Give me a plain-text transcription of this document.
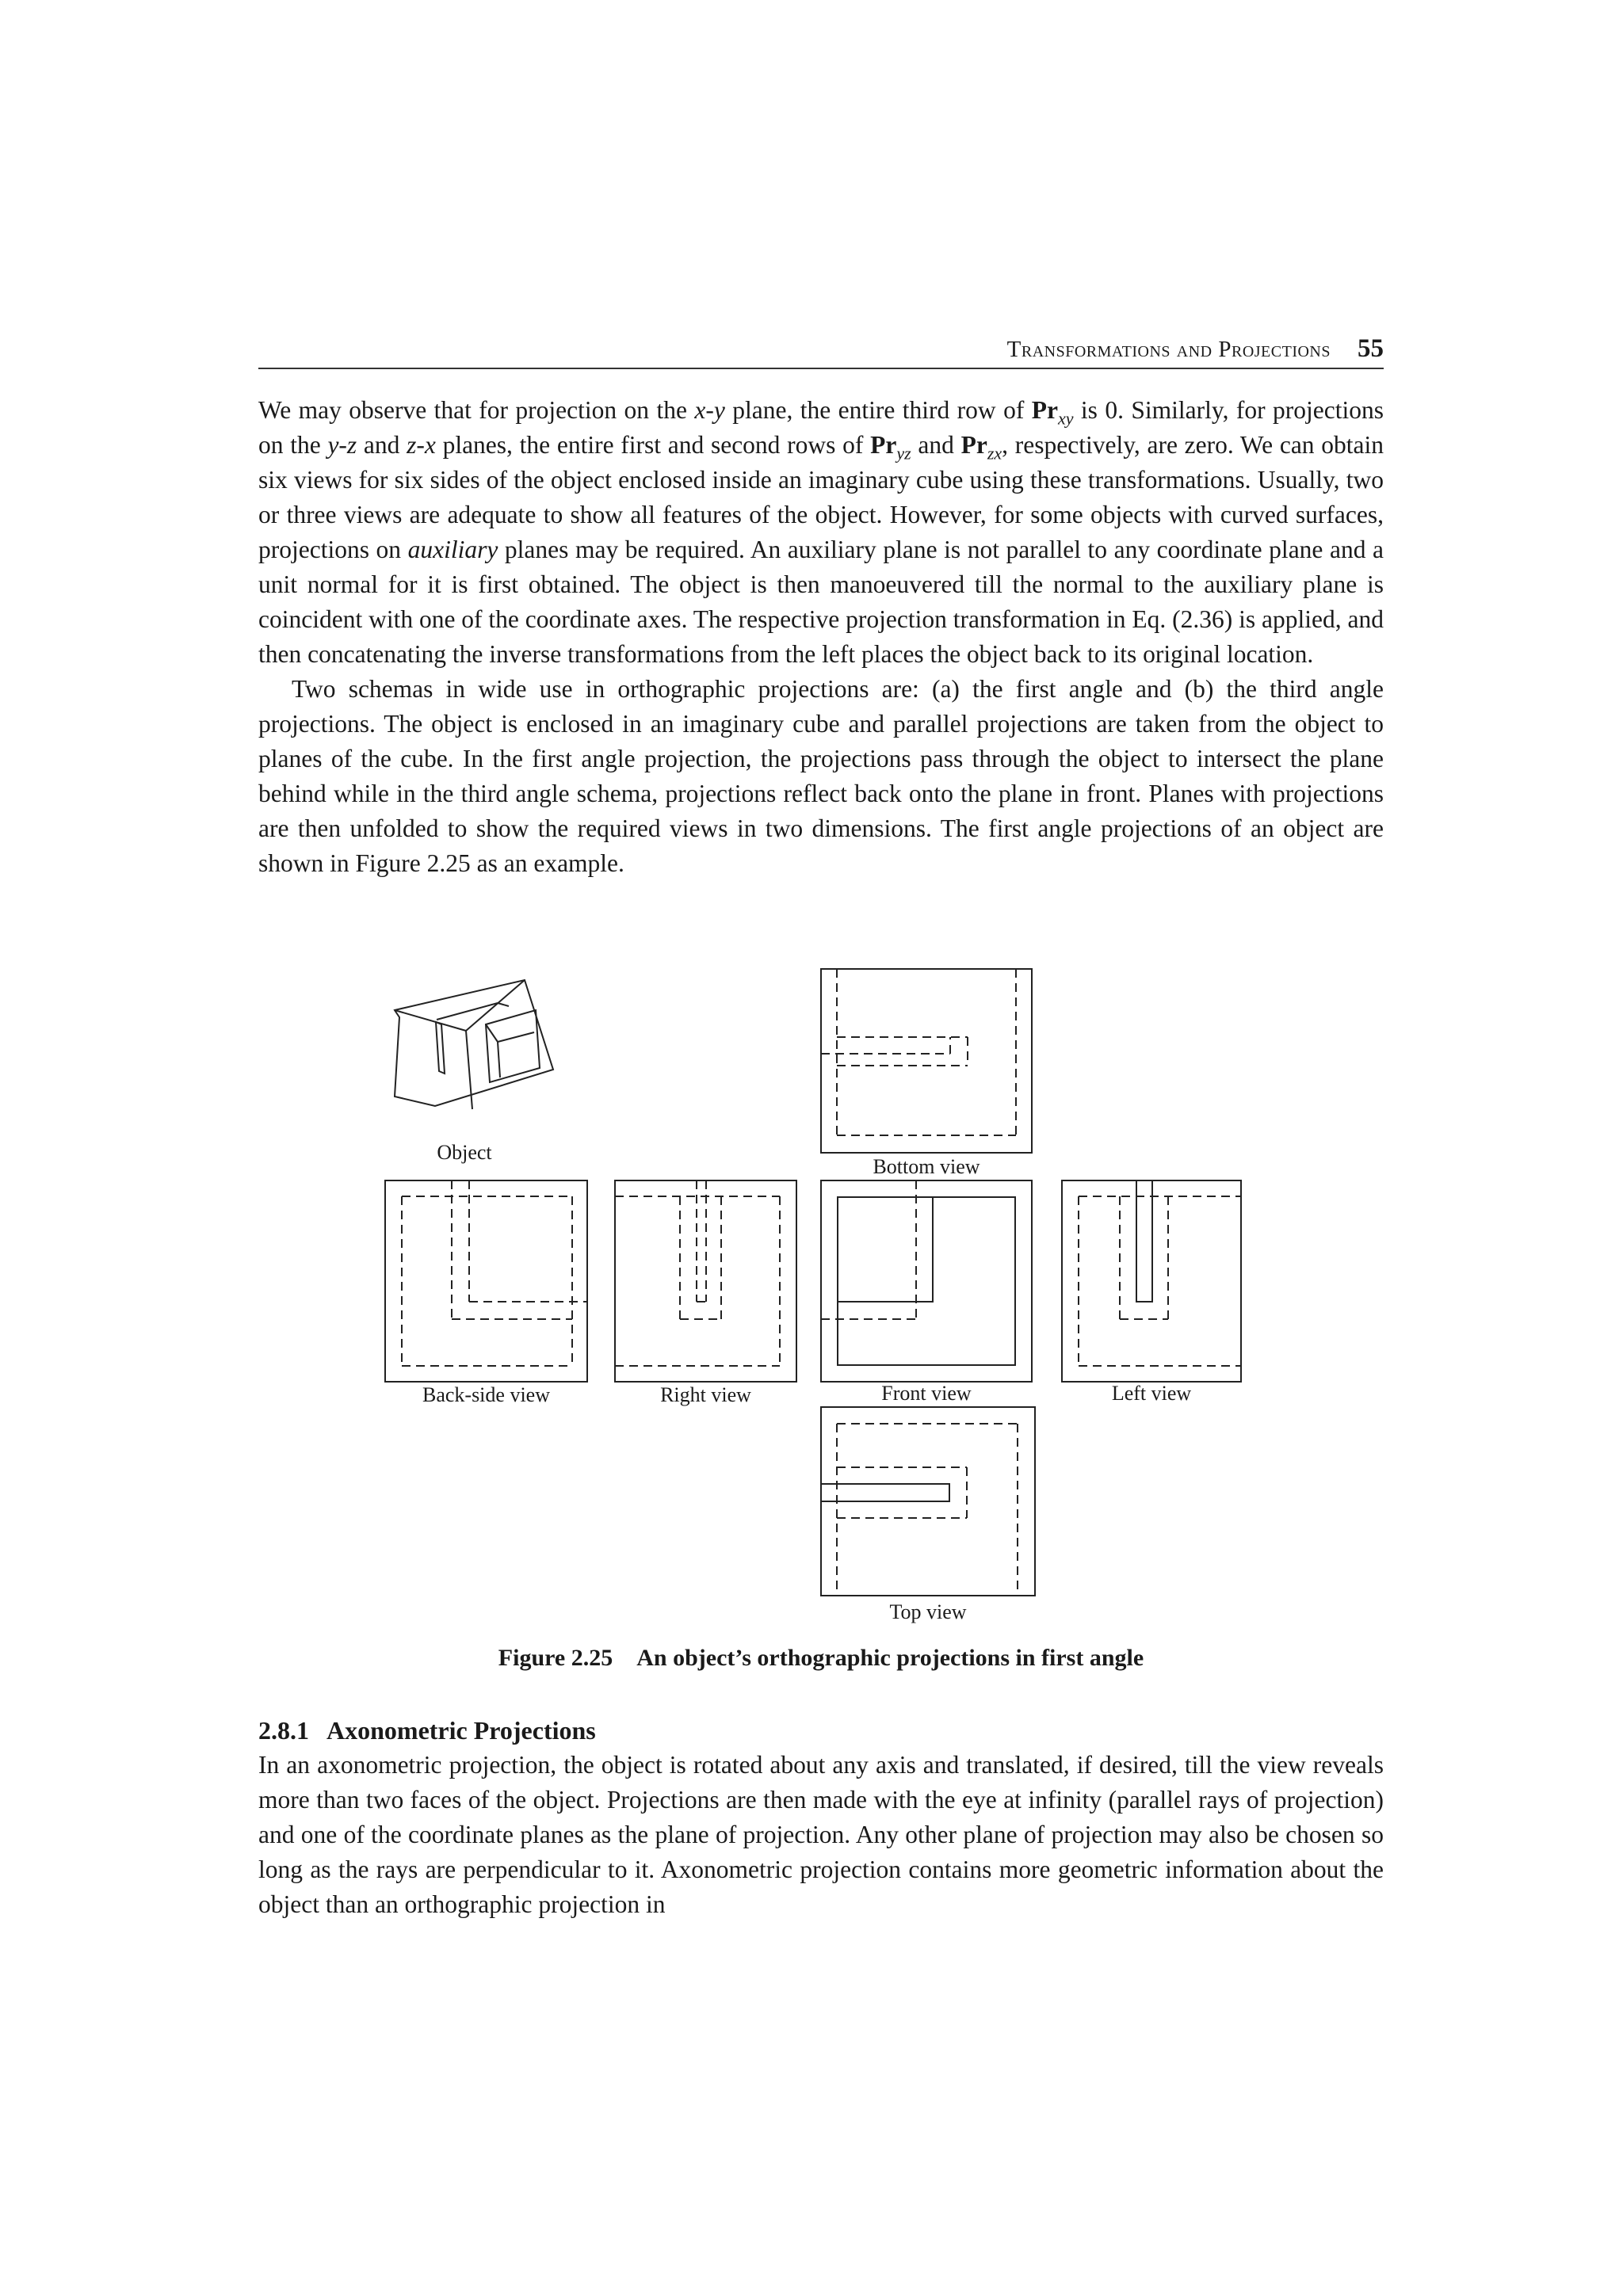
Transformations and Projections 55

We may observe that for projection on the x-y plane, the entire third row of $Pr_{xy}$ is 0. Similarly, for projections on the y-z and z-x planes, the entire first and second rows of $Pr_{yz}$ and $Pr_{zx}$, respectively, are zero. We can obtain six views for six sides of the object enclosed inside an imaginary cube using these transformations. Usually, two or three views are adequate to show all features of the object. However, for some objects with curved surfaces, projections on auxiliary planes may be required. An auxiliary plane is not parallel to any coordinate plane and a unit normal for it is first obtained. The object is then manoeuvered till the normal to the auxiliary plane is coincident with one of the coordinate axes. The respective projection transformation in Eq. (2.36) is applied, and then concatenating the inverse transformations from the left places the object back to its original location.

Two schemas in wide use in orthographic projections are: (a) the first angle and (b) the third angle projections. The object is enclosed in an imaginary cube and parallel projections are taken from the object to planes of the cube. In the first angle projection, the projections pass through the object to intersect the plane behind while in the third angle schema, projections reflect back onto the plane in front. Planes with projections are then unfolded to show the required views in two dimensions. The first angle projections of an object are shown in Figure 2.25 as an example.

Object
Bottom view
Back-side view	Right view	Front view	Left view
Top view
Figure 2.25 An object’s orthographic projections in first angle
2.8.1 Axonometric Projections

In an axonometric projection, the object is rotated about any axis and translated, if desired, till the view reveals more than two faces of the object. Projections are then made with the eye at infinity (parallel rays of projection) and one of the coordinate planes as the plane of projection. Any other plane of projection may also be chosen so long as the rays are perpendicular to it. Axonometric projection contains more geometric information about the object than an orthographic projection in
